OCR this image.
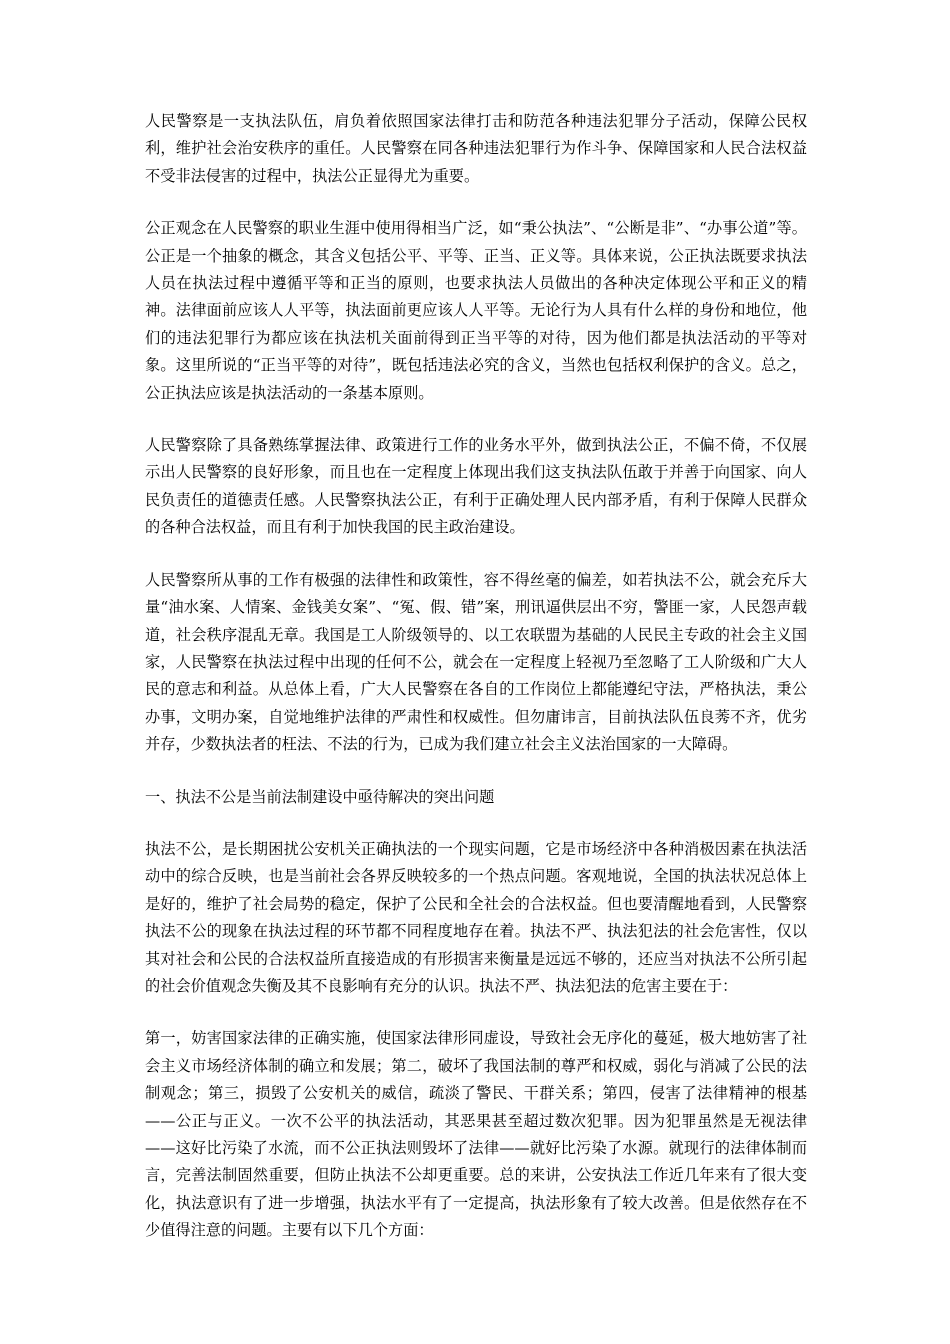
人民警察是一支执法队伍，肩负着依照国家法律打击和防范各种违法犯罪分子活动，保障公民权利，维护社会治安秩序的重任。人民警察在同各种违法犯罪行为作斗争、保障国家和人民合法权益不受非法侵害的过程中，执法公正显得尤为重要。

公正观念在人民警察的职业生涯中使用得相当广泛，如“秉公执法”、“公断是非”、“办事公道”等。公正是一个抽象的概念，其含义包括公平、平等、正当、正义等。具体来说，公正执法既要求执法人员在执法过程中遵循平等和正当的原则，也要求执法人员做出的各种决定体现公平和正义的精神。法律面前应该人人平等，执法面前更应该人人平等。无论行为人具有什么样的身份和地位，他们的违法犯罪行为都应该在执法机关面前得到正当平等的对待，因为他们都是执法活动的平等对象。这里所说的“正当平等的对待”，既包括违法必究的含义，当然也包括权利保护的含义。总之，公正执法应该是执法活动的一条基本原则。

人民警察除了具备熟练掌握法律、政策进行工作的业务水平外，做到执法公正，不偏不倚，不仅展示出人民警察的良好形象，而且也在一定程度上体现出我们这支执法队伍敢于并善于向国家、向人民负责任的道德责任感。人民警察执法公正，有利于正确处理人民内部矛盾，有利于保障人民群众的各种合法权益，而且有利于加快我国的民主政治建设。

人民警察所从事的工作有极强的法律性和政策性，容不得丝毫的偏差，如若执法不公，就会充斥大量“油水案、人情案、金钱美女案”、“冤、假、错”案，刑讯逼供层出不穷，警匪一家，人民怨声载道，社会秩序混乱无章。我国是工人阶级领导的、以工农联盟为基础的人民民主专政的社会主义国家，人民警察在执法过程中出现的任何不公，就会在一定程度上轻视乃至忽略了工人阶级和广大人民的意志和利益。从总体上看，广大人民警察在各自的工作岗位上都能遵纪守法，严格执法，秉公办事，文明办案，自觉地维护法律的严肃性和权威性。但勿庸讳言，目前执法队伍良莠不齐，优劣并存，少数执法者的枉法、不法的行为，已成为我们建立社会主义法治国家的一大障碍。

一、执法不公是当前法制建设中亟待解决的突出问题

执法不公，是长期困扰公安机关正确执法的一个现实问题，它是市场经济中各种消极因素在执法活动中的综合反映，也是当前社会各界反映较多的一个热点问题。客观地说，全国的执法状况总体上是好的，维护了社会局势的稳定，保护了公民和全社会的合法权益。但也要清醒地看到，人民警察执法不公的现象在执法过程的环节都不同程度地存在着。执法不严、执法犯法的社会危害性，仅以其对社会和公民的合法权益所直接造成的有形损害来衡量是远远不够的，还应当对执法不公所引起的社会价值观念失衡及其不良影响有充分的认识。执法不严、执法犯法的危害主要在于：

第一，妨害国家法律的正确实施，使国家法律形同虚设，导致社会无序化的蔓延，极大地妨害了社会主义市场经济体制的确立和发展；第二，破坏了我国法制的尊严和权威，弱化与消减了公民的法制观念；第三，损毁了公安机关的威信，疏淡了警民、干群关系；第四，侵害了法律精神的根基——公正与正义。一次不公平的执法活动，其恶果甚至超过数次犯罪。因为犯罪虽然是无视法律——这好比污染了水流，而不公正执法则毁坏了法律——就好比污染了水源。就现行的法律体制而言，完善法制固然重要，但防止执法不公却更重要。总的来讲，公安执法工作近几年来有了很大变化，执法意识有了进一步增强，执法水平有了一定提高，执法形象有了较大改善。但是依然存在不少值得注意的问题。主要有以下几个方面：
